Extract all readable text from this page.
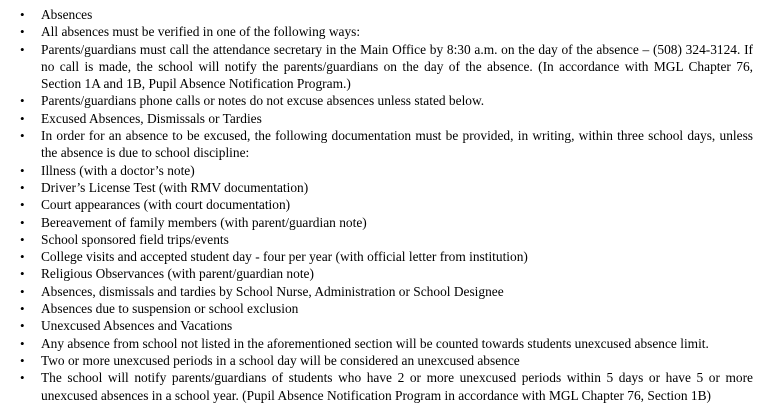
• Absences
• All absences must be verified in one of the following ways:
• Parents/guardians must call the attendance secretary in the Main Office by 8:30 a.m. on the day of the absence – (508) 324-3124. If no call is made, the school will notify the parents/guardians on the day of the absence. (In accordance with MGL Chapter 76, Section 1A and 1B, Pupil Absence Notification Program.)
• Parents/guardians phone calls or notes do not excuse absences unless stated below.
• Excused Absences, Dismissals or Tardies
• In order for an absence to be excused, the following documentation must be provided, in writing, within three school days, unless the absence is due to school discipline:
• Illness (with a doctor’s note)
• Driver’s License Test (with RMV documentation)
• Court appearances (with court documentation)
• Bereavement of family members (with parent/guardian note)
• School sponsored field trips/events
• College visits and accepted student day - four per year (with official letter from institution)
• Religious Observances (with parent/guardian note)
• Absences, dismissals and tardies by School Nurse, Administration or School Designee
• Absences due to suspension or school exclusion
• Unexcused Absences and Vacations
• Any absence from school not listed in the aforementioned section will be counted towards students unexcused absence limit.
• Two or more unexcused periods in a school day will be considered an unexcused absence
• The school will notify parents/guardians of students who have 2 or more unexcused periods within 5 days or have 5 or more unexcused absences in a school year. (Pupil Absence Notification Program in accordance with MGL Chapter 76, Section 1B)
